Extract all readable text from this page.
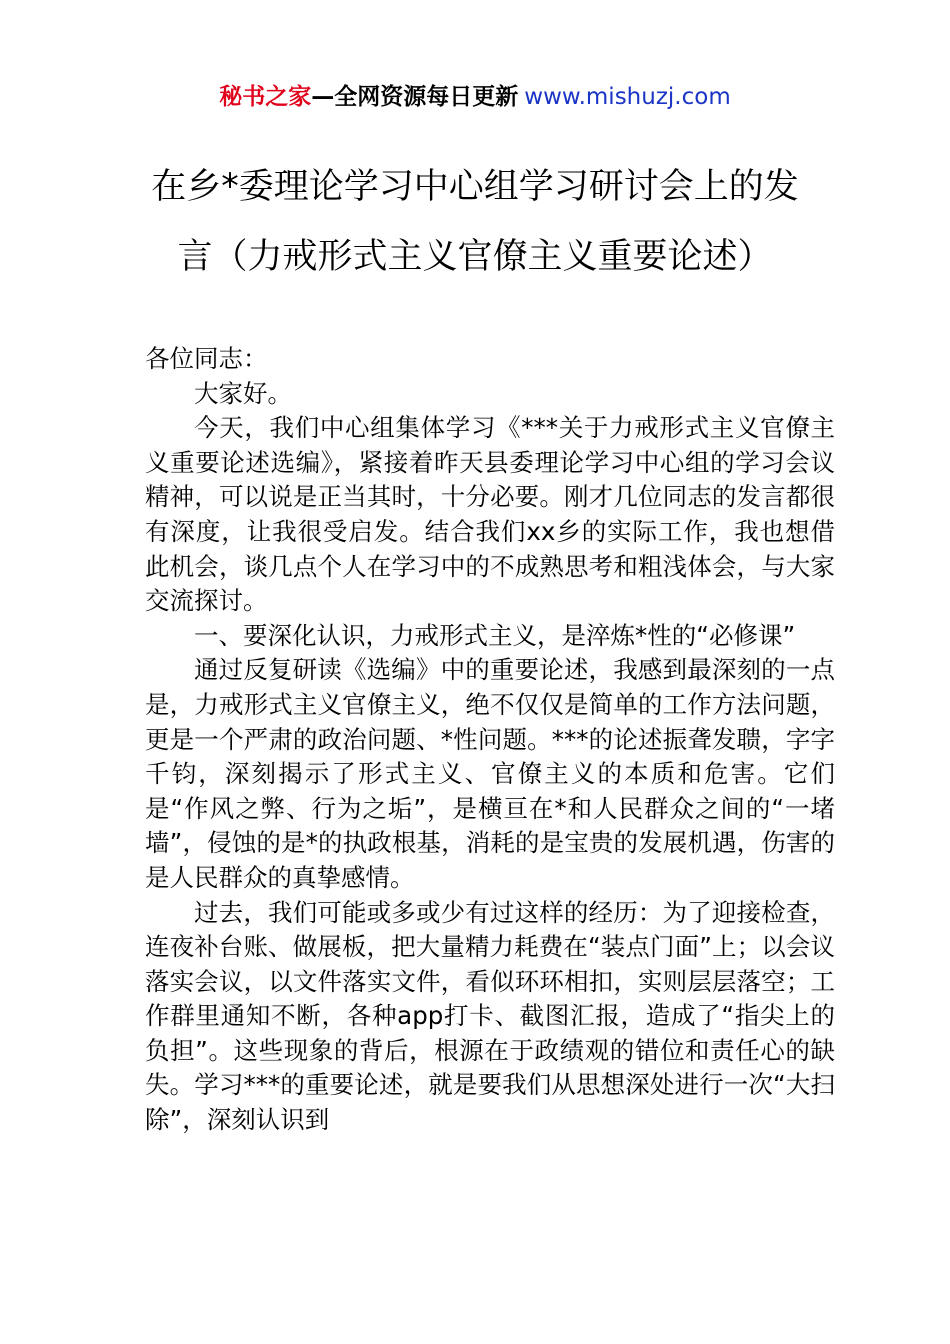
秘书之家—全网资源每日更新 www.mishuzj.com
在乡*委理论学习中心组学习研讨会上的发
言（力戒形式主义官僚主义重要论述）

各位同志：

大家好。

今天，我们中心组集体学习《***关于力戒形式主义官僚主义重要论述选编》，紧接着昨天县委理论学习中心组的学习会议精神，可以说是正当其时，十分必要。刚才几位同志的发言都很有深度，让我很受启发。结合我们xx乡的实际工作，我也想借此机会，谈几点个人在学习中的不成熟思考和粗浅体会，与大家交流探讨。

一、要深化认识，力戒形式主义，是淬炼*性的“必修课”

通过反复研读《选编》中的重要论述，我感到最深刻的一点是，力戒形式主义官僚主义，绝不仅仅是简单的工作方法问题，更是一个严肃的政治问题、*性问题。***的论述振聋发聩，字字千钧，深刻揭示了形式主义、官僚主义的本质和危害。它们是“作风之弊、行为之垢”，是横亘在*和人民群众之间的“一堵墙”，侵蚀的是*的执政根基，消耗的是宝贵的发展机遇，伤害的是人民群众的真挚感情。

过去，我们可能或多或少有过这样的经历：为了迎接检查，连夜补台账、做展板，把大量精力耗费在“装点门面”上；以会议落实会议，以文件落实文件，看似环环相扣，实则层层落空；工作群里通知不断，各种app打卡、截图汇报，造成了“指尖上的负担”。这些现象的背后，根源在于政绩观的错位和责任心的缺失。学习***的重要论述，就是要我们从思想深处进行一次“大扫除”，深刻认识到
